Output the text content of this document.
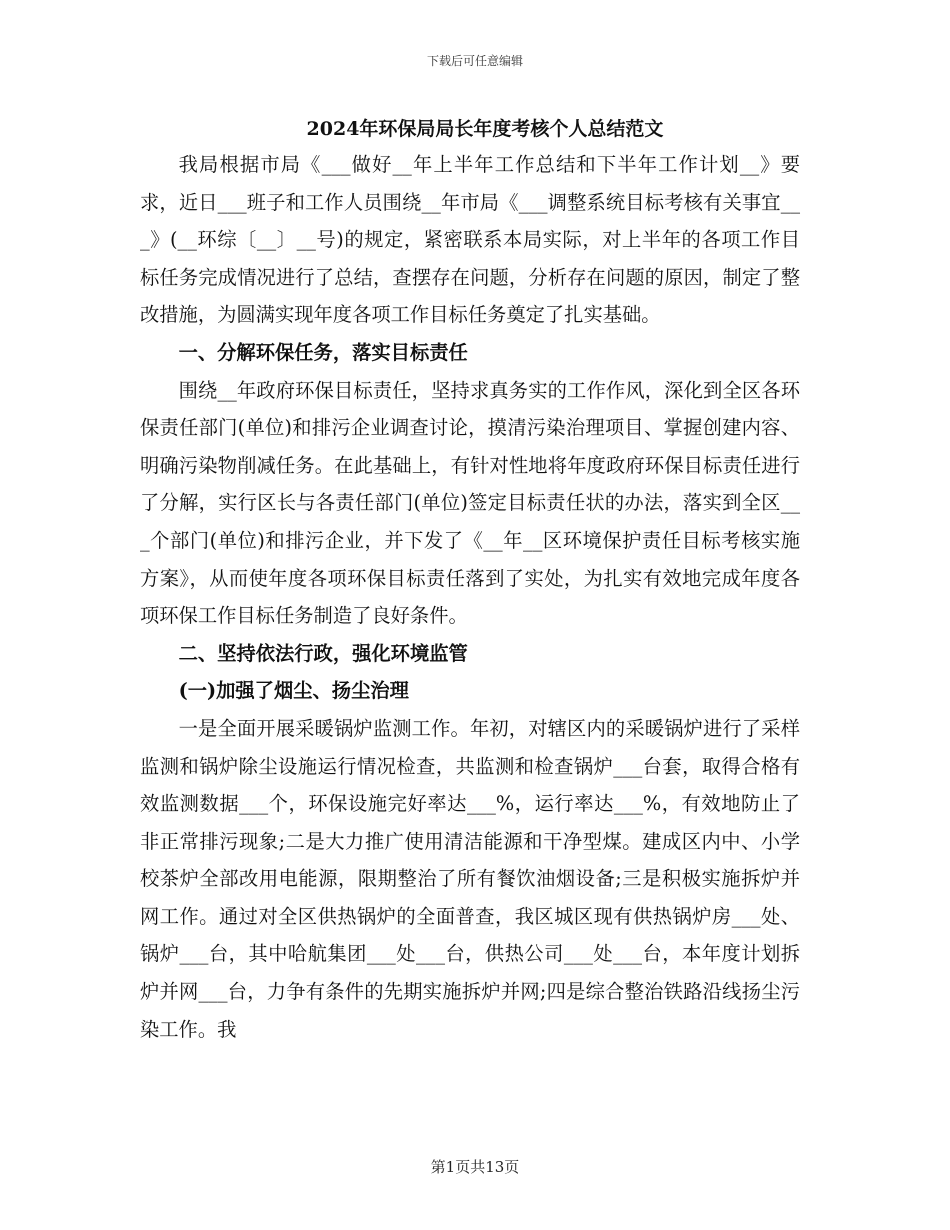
下载后可任意编辑
2024年环保局局长年度考核个人总结范文

我局根据市局《___做好__年上半年工作总结和下半年工作计划__》要求，近日___班子和工作人员围绕__年市局《___调整系统目标考核有关事宜___》(__环综〔__〕__号)的规定，紧密联系本局实际，对上半年的各项工作目标任务完成情况进行了总结，查摆存在问题，分析存在问题的原因，制定了整改措施，为圆满实现年度各项工作目标任务奠定了扎实基础。

一、分解环保任务，落实目标责任

围绕__年政府环保目标责任，坚持求真务实的工作作风，深化到全区各环保责任部门(单位)和排污企业调查讨论，摸清污染治理项目、掌握创建内容、明确污染物削减任务。在此基础上，有针对性地将年度政府环保目标责任进行了分解，实行区长与各责任部门(单位)签定目标责任状的办法，落实到全区___个部门(单位)和排污企业，并下发了《__年__区环境保护责任目标考核实施方案》，从而使年度各项环保目标责任落到了实处，为扎实有效地完成年度各项环保工作目标任务制造了良好条件。

二、坚持依法行政，强化环境监管

(一)加强了烟尘、扬尘治理

一是全面开展采暖锅炉监测工作。年初，对辖区内的采暖锅炉进行了采样监测和锅炉除尘设施运行情况检查，共监测和检查锅炉___台套，取得合格有效监测数据___个，环保设施完好率达___%，运行率达___%，有效地防止了非正常排污现象;二是大力推广使用清洁能源和干净型煤。建成区内中、小学校茶炉全部改用电能源，限期整治了所有餐饮油烟设备;三是积极实施拆炉并网工作。通过对全区供热锅炉的全面普查，我区城区现有供热锅炉房___处、锅炉___台，其中哈航集团___处___台，供热公司___处___台，本年度计划拆炉并网___台，力争有条件的先期实施拆炉并网;四是综合整治铁路沿线扬尘污染工作。我

第1页共13页
